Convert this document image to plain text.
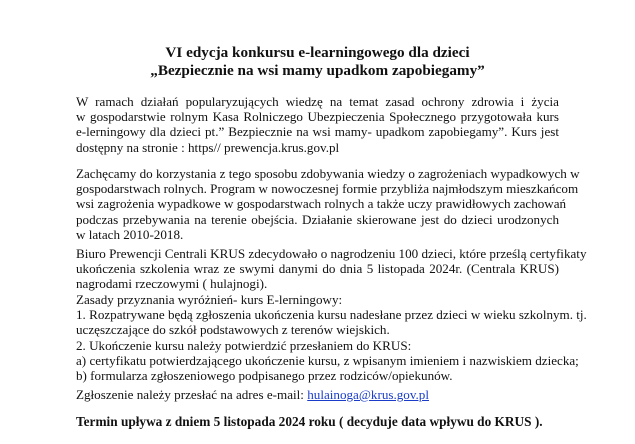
VI edycja konkursu e-learningowego dla dzieci
„Bezpiecznie na wsi mamy upadkom zapobiegamy”
W ramach działań popularyzujących wiedzę na temat zasad ochrony zdrowia i życia
w gospodarstwie rolnym Kasa Rolniczego Ubezpieczenia Społecznego przygotowała kurs
e-lerningowy dla dzieci pt.” Bezpiecznie na wsi mamy- upadkom zapobiegamy”. Kurs jest
dostępny na stronie : https// prewencja.krus.gov.pl
Zachęcamy do korzystania z tego sposobu zdobywania wiedzy o zagrożeniach wypadkowych w
gospodarstwach rolnych. Program w nowoczesnej formie przybliża najmłodszym mieszkańcom
wsi zagrożenia wypadkowe w gospodarstwach rolnych a także uczy prawidłowych zachowań
podczas przebywania na terenie obejścia. Działanie skierowane jest do dzieci urodzonych
w latach 2010-2018.
Biuro Prewencji Centrali KRUS zdecydowało o nagrodzeniu 100 dzieci, które prześlą certyfikaty
ukończenia szkolenia wraz ze swymi danymi do dnia 5 listopada 2024r. (Centrala KRUS)
nagrodami rzeczowymi ( hulajnogi).
Zasady przyznania wyróżnień- kurs E-lerningowy:
1. Rozpatrywane będą zgłoszenia ukończenia kursu nadesłane przez dzieci w wieku szkolnym. tj.
uczęszczające do szkół podstawowych z terenów wiejskich.
2. Ukończenie kursu należy potwierdzić przesłaniem do KRUS:
a) certyfikatu potwierdzającego ukończenie kursu, z wpisanym imieniem i nazwiskiem dziecka;
b) formularza zgłoszeniowego podpisanego przez rodziców/opiekunów.
Zgłoszenie należy przesłać na adres e-mail: hulainoga@krus.gov.pl
Termin upływa z dniem 5 listopada 2024 roku ( decyduje data wpływu do KRUS ).
